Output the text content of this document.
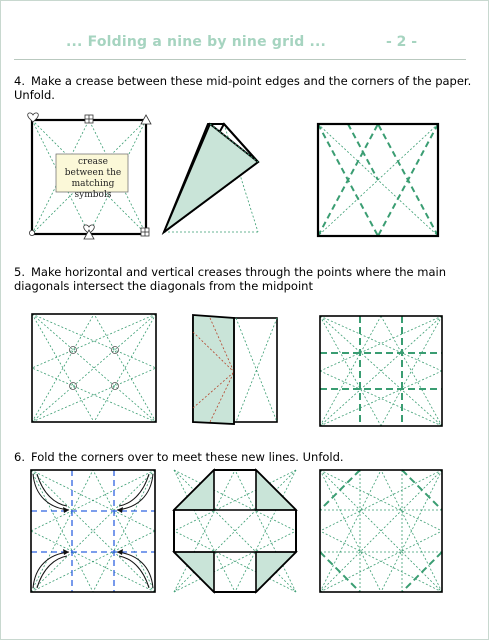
... Folding a nine by nine grid ...	- 2 -
4. Make a crease between these mid-point edges and the corners of the paper. Unfold.
crease between the matching symbols
5. Make horizontal and vertical creases through the points where the main diagonals intersect the diagonals from the midpoint
6. Fold the corners over to meet these new lines. Unfold.
